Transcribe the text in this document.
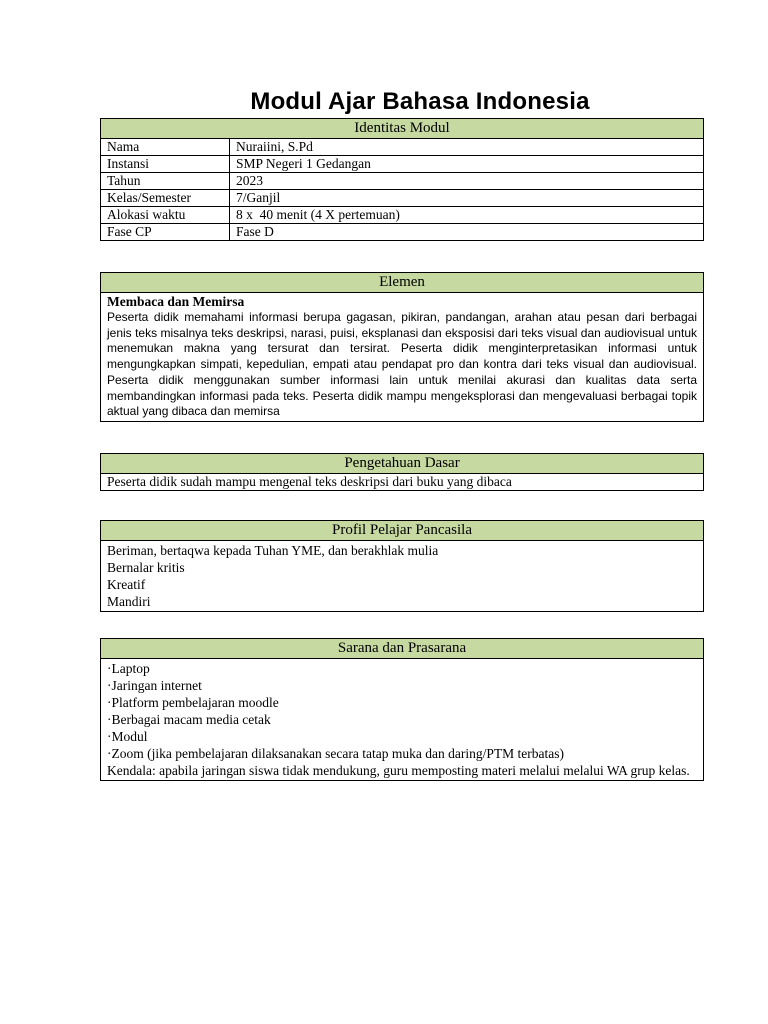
Modul Ajar Bahasa Indonesia
Identitas Modul	
Nama	Nuraiini, S.Pd
Instansi	SMP Negeri 1 Gedangan
Tahun	2023
Kelas/Semester	7/Ganjil
Alokasi waktu	8 x  40 menit (4 X pertemuan)
Fase CP	Fase D
Elemen

Membaca dan Memirsa
Peserta didik memahami informasi berupa gagasan, pikiran, pandangan, arahan atau pesan dari berbagai jenis teks misalnya teks deskripsi, narasi, puisi, eksplanasi dan eksposisi dari teks visual dan audiovisual untuk menemukan makna yang tersurat dan tersirat. Peserta didik menginterpretasikan informasi untuk mengungkapkan simpati, kepedulian, empati atau pendapat pro dan kontra dari teks visual dan audiovisual. Peserta didik menggunakan sumber informasi lain untuk menilai akurasi dan kualitas data serta membandingkan informasi pada teks. Peserta didik mampu mengeksplorasi dan mengevaluasi berbagai topik aktual yang dibaca dan memirsa
Pengetahuan Dasar
Peserta didik sudah mampu mengenal teks deskripsi dari buku yang dibaca
Profil Pelajar Pancasila

Beriman, bertaqwa kepada Tuhan YME, dan berakhlak mulia
Bernalar kritis
Kreatif
Mandiri
Sarana dan Prasarana

·Laptop
·Jaringan internet
·Platform pembelajaran moodle
·Berbagai macam media cetak
·Modul
·Zoom (jika pembelajaran dilaksanakan secara tatap muka dan daring/PTM terbatas)
Kendala: apabila jaringan siswa tidak mendukung, guru memposting materi melalui melalui WA grup kelas.
